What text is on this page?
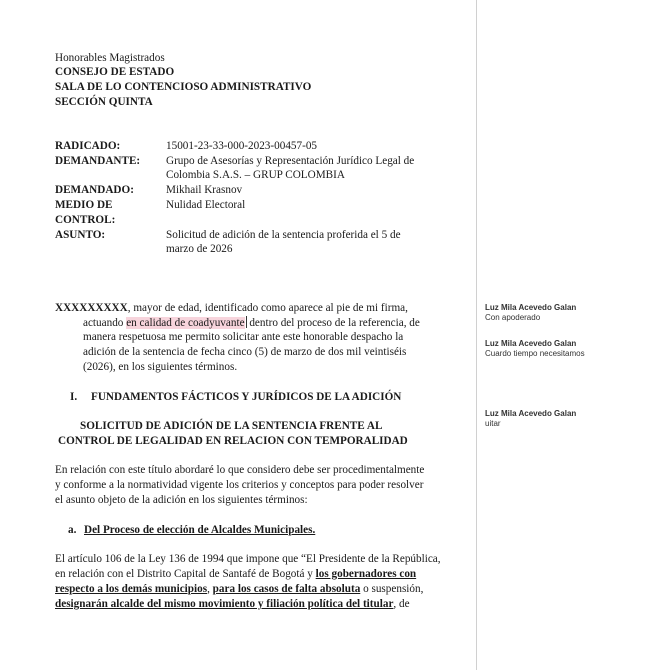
Honorables Magistrados
CONSEJO DE ESTADO
SALA DE LO CONTENCIOSO ADMINISTRATIVO
SECCIÓN QUINTA
RADICADO:	15001-23-33-000-2023-00457-05
DEMANDANTE: Grupo de Asesorías y Representación Jurídico Legal de
Colombia S.A.S. – GRUP COLOMBIA
DEMANDADO:	Mikhail Krasnov
MEDIO DE	Nulidad Electoral
CONTROL:
ASUNTO:	Solicitud de adición de la sentencia proferida el 5 de
marzo de 2026
XXXXXXXXX, mayor de edad, identificado como aparece al pie de mi firma,
actuando en calidad de coadyuvante dentro del proceso de la referencia, de
manera respetuosa me permito solicitar ante este honorable despacho la
adición de la sentencia de fecha cinco (5) de marzo de dos mil veintiséis
(2026), en los siguientes términos.
I. FUNDAMENTOS FÁCTICOS Y JURÍDICOS DE LA ADICIÓN
SOLICITUD DE ADICIÓN DE LA SENTENCIA FRENTE AL
CONTROL DE LEGALIDAD EN RELACION CON TEMPORALIDAD
En relación con este título abordaré lo que considero debe ser procedimentalmente
y conforme a la normatividad vigente los criterios y conceptos para poder resolver
el asunto objeto de la adición en los siguientes términos:
a. Del Proceso de elección de Alcaldes Municipales.
El artículo 106 de la Ley 136 de 1994 que impone que “El Presidente de la República,
en relación con el Distrito Capital de Santafé de Bogotá y los gobernadores con
respecto a los demás municipios, para los casos de falta absoluta o suspensión,
designarán alcalde del mismo movimiento y filiación política del titular, de
Luz Mila Acevedo Galan
Con apoderado
Luz Mila Acevedo Galan
Cuardo tiempo necesitamos
Luz Mila Acevedo Galan
uitar
